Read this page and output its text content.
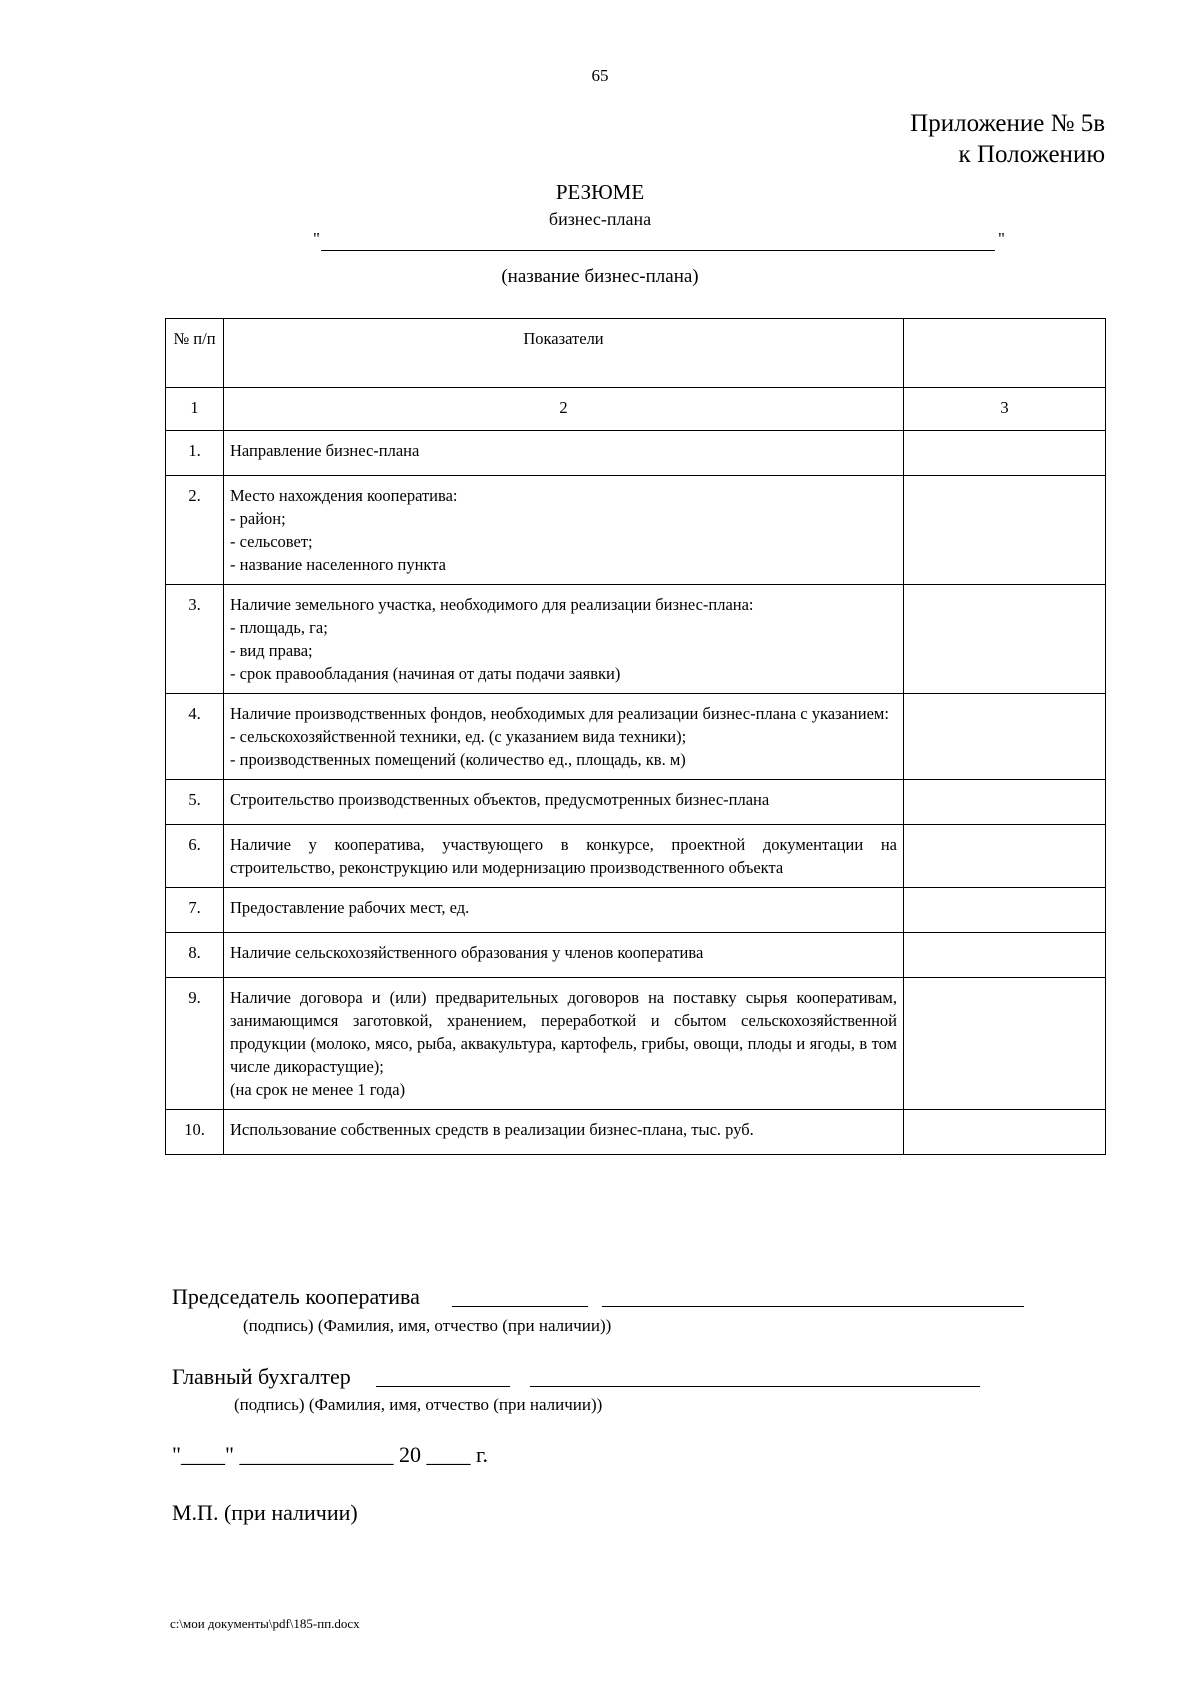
65
Приложение № 5в
к Положению
РЕЗЮМЕ
бизнес-плана
"	"
(название бизнес-плана)
№ п/п	Показатели	
1	2	3
1.	Направление бизнес-плана	

2.	Место нахождения кооператива:
- район;
- сельсовет;
- название населенного пункта	

3.	Наличие земельного участка, необходимого для реализации бизнес-плана:
- площадь, га;
- вид права;
- срок правообладания (начиная от даты подачи заявки)	

4.	Наличие производственных фондов, необходимых для реализации бизнес-плана с указанием:
- сельскохозяйственной техники, ед. (с указанием вида техники);
- производственных помещений (количество ед., площадь, кв. м)	

5.	Строительство производственных объектов, предусмотренных бизнес-плана	

6.	Наличие у кооператива, участвующего в конкурсе, проектной документации на строительство, реконструкцию или модернизацию производственного объекта	

7.	Предоставление рабочих мест, ед.	

8.	Наличие сельскохозяйственного образования у членов кооператива	

9.	Наличие договора и (или) предварительных договоров на поставку сырья кооперативам, занимающимся заготовкой, хранением, переработкой и сбытом сельскохозяйственной продукции (молоко, мясо, рыба, аквакультура, картофель, грибы, овощи, плоды и ягоды, в том числе дикорастущие);
(на срок не менее 1 года)	

10.	Использование собственных средств в реализации бизнес-плана, тыс. руб.	

Председатель кооператива
(подпись) (Фамилия, имя, отчество (при наличии))
Главный бухгалтер
(подпись) (Фамилия, имя, отчество (при наличии))
"____" ______________ 20 ____ г.
М.П. (при наличии)
c:\мои документы\pdf\185-пп.docx
